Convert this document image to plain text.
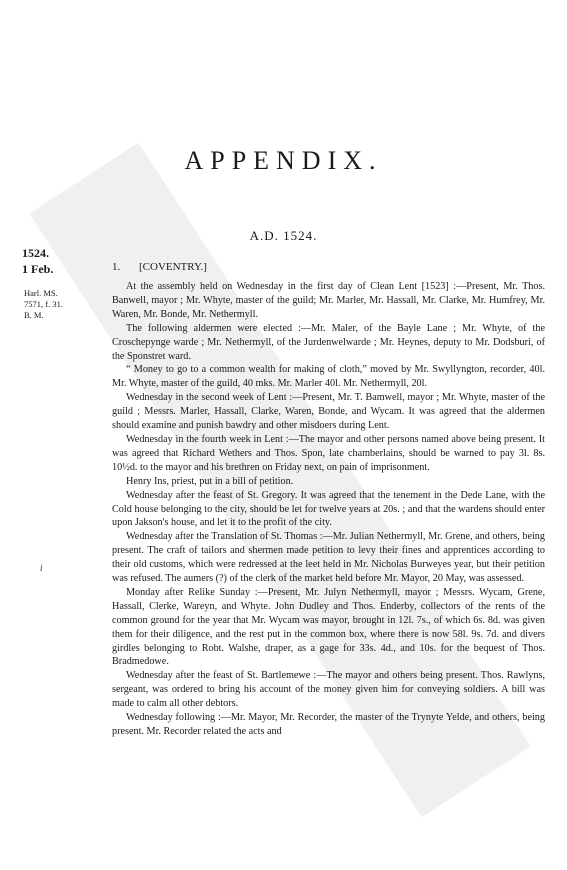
APPENDIX.
A.D. 1524.
1524.
1 Feb.
Harl. MS.
7571, f. 31.
B. M.
i
1. [COVENTRY.]

At the assembly held on Wednesday in the first day of Clean Lent [1523] :—Present, Mr. Thos. Banwell, mayor ; Mr. Whyte, master of the guild; Mr. Marler, Mr. Hassall, Mr. Clarke, Mr. Humfrey, Mr. Waren, Mr. Bonde, Mr. Nethermyll.

The following aldermen were elected :—Mr. Maler, of the Bayle Lane ; Mr. Whyte, of the Croschepynge warde ; Mr. Nethermyll, of the Jurdenwelwarde ; Mr. Heynes, deputy to Mr. Dodsburi, of the Sponstret ward.

“ Money to go to a common wealth for making of cloth,” moved by Mr. Swyllyngton, recorder, 40l. Mr. Whyte, master of the guild, 40 mks. Mr. Marler 40l. Mr. Nethermyll, 20l.

Wednesday in the second week of Lent :—Present, Mr. T. Bamwell, mayor ; Mr. Whyte, master of the guild ; Messrs. Marler, Hassall, Clarke, Waren, Bonde, and Wycam. It was agreed that the aldermen should examine and punish bawdry and other misdoers during Lent.

Wednesday in the fourth week in Lent :—The mayor and other persons named above being present. It was agreed that Richard Wethers and Thos. Spon, late chamberlains, should be warned to pay 3l. 8s. 10½d. to the mayor and his brethren on Friday next, on pain of imprisonment.

Henry Ins, priest, put in a bill of petition.

Wednesday after the feast of St. Gregory. It was agreed that the tenement in the Dede Lane, with the Cold house belonging to the city, should be let for twelve years at 20s. ; and that the wardens should enter upon Jakson's house, and let it to the profit of the city.

Wednesday after the Translation of St. Thomas :—Mr. Julian Nethermyll, Mr. Grene, and others, being present. The craft of tailors and shermen made petition to levy their fines and apprentices according to their old customs, which were redressed at the leet held in Mr. Nicholas Burweyes year, but their petition was refused. The aumers (?) of the clerk of the market held before Mr. Mayor, 20 May, was assessed.

Monday after Relike Sunday :—Present, Mr. Julyn Nethermyll, mayor ; Messrs. Wycam, Grene, Hassall, Clerke, Wareyn, and Whyte. John Dudley and Thos. Enderby, collectors of the rents of the common ground for the year that Mr. Wycam was mayor, brought in 12l. 7s., of which 6s. 8d. was given them for their diligence, and the rest put in the common box, where there is now 58l. 9s. 7d. and divers girdles belonging to Robt. Walshe, draper, as a gage for 33s. 4d., and 10s. for the bequest of Thos. Bradmedowe.

Wednesday after the feast of St. Bartlemewe :—The mayor and others being present. Thos. Rawlyns, sergeant, was ordered to bring his account of the money given him for conveying soldiers. A bill was made to calm all other debtors.

Wednesday following :—Mr. Mayor, Mr. Recorder, the master of the Trynyte Yelde, and others, being present. Mr. Recorder related the acts and
